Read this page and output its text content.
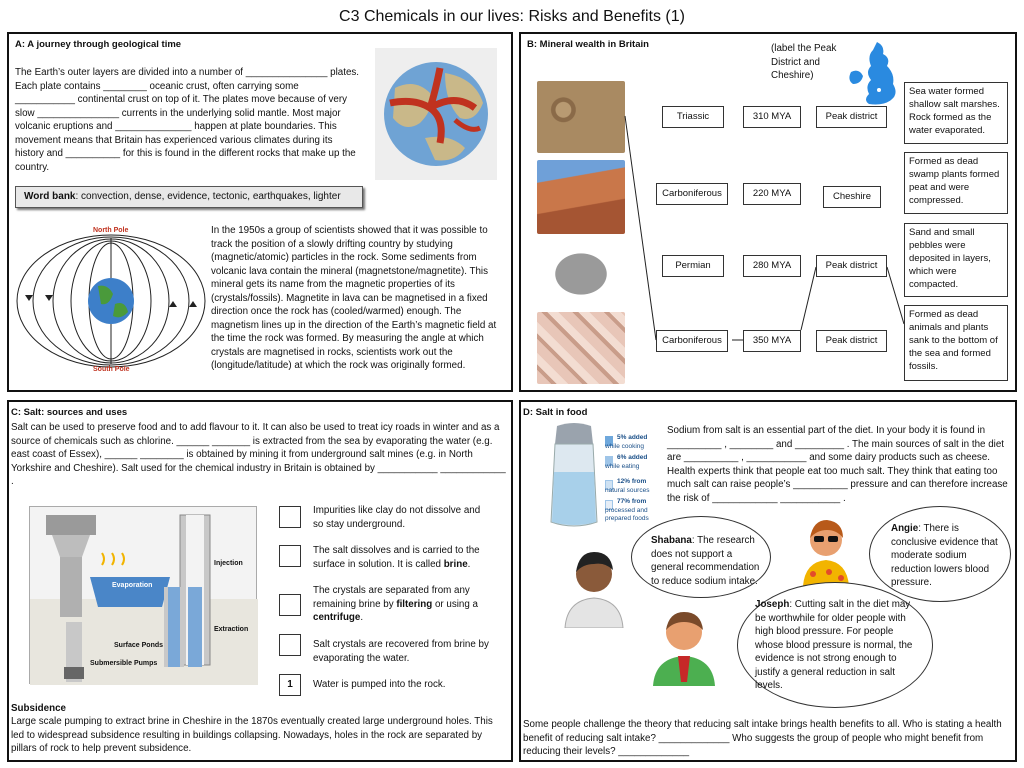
C3 Chemicals in our lives: Risks and Benefits (1)
A: A journey through geological time
The Earth’s outer layers are divided into a number of _______________ plates. Each plate contains ________ oceanic crust, often carrying some ___________ continental crust on top of it. The plates move because of very slow _______________ currents in the underlying solid mantle. Most major volcanic eruptions and ______________ happen at plate boundaries. This movement means that Britain has experienced various climates during its history and __________ for this is found in the different rocks that make up the country.
Word bank: convection, dense, evidence, tectonic, earthquakes, lighter
North Pole
South Pole
In the 1950s a group of scientists showed that it was possible to track the position of a slowly drifting country by studying (magnetic/atomic) particles in the rock. Some sediments from volcanic lava contain the mineral (magnetstone/magnetite). This mineral gets its name from the magnetic properties of its (crystals/fossils). Magnetite in lava can be magnetised in a fixed direction once the rock has (cooled/warmed) enough. The magnetism lines up in the direction of the Earth’s magnetic field at the time the rock was formed. By measuring the angle at which crystals are magnetised in rocks, scientists work out the (longitude/latitude) at which the rock was originally formed.
B: Mineral wealth in Britain	(label the Peak District and Cheshire)
Triassic
Carboniferous
Permian
Carboniferous
310 MYA
220 MYA
280 MYA
350 MYA
Peak district
Cheshire
Peak district
Peak district
Sea water formed shallow salt marshes. Rock formed as the water evaporated.
Formed as dead swamp plants formed peat and were compressed.
Sand and small pebbles were deposited in layers, which were compacted.
Formed as dead animals and plants sank to the bottom of the sea and formed fossils.
C: Salt: sources and uses
Salt can be used to preserve food and to add flavour to it. It can also be used to treat icy roads in winter and as a source of chemicals such as chlorine. ______ _______ is extracted from the sea by evaporating the water (e.g. east coast of Essex), ______ ________ is obtained by mining it from underground salt mines (e.g. in North Yorkshire and Cheshire). Salt used for the chemical industry in Britain is obtained by ___________ ____________ .
Injection
Evaporation
Extraction
Surface Ponds
Submersible Pumps
Impurities like clay do not dissolve and so stay underground.
The salt dissolves and is carried to the surface in solution. It is called brine.
The crystals are separated from any remaining brine by filtering or using a centrifuge.
Salt crystals are recovered from brine by evaporating the water.
1	Water is pumped into the rock.
Subsidence
Large scale pumping to extract brine in Cheshire in the 1870s eventually created large underground holes. This led to widespread subsidence resulting in buildings collapsing. Nowadays, holes in the rock are separated by pillars of rock to help prevent subsidence.
D: Salt in food
5% added
while cooking
6% added
while eating
12% from
natural sources
77% from
processed and prepared foods
Sodium from salt is an essential part of the diet. In your body it is found in __________ , ________ and _________ . The main sources of salt in the diet are __________ , ___________ and some dairy products such as cheese. Health experts think that people eat too much salt. They think that eating too much salt can raise people’s __________ pressure and can therefore increase the risk of ____________ ___________ .
Shabana: The research does not support a general recommendation to reduce sodium intake.
Angie: There is conclusive evidence that moderate sodium reduction lowers blood pressure.
Joseph: Cutting salt in the diet may be worthwhile for older people with high blood pressure. For people whose blood pressure is normal, the evidence is not strong enough to justify a general reduction in salt levels.
Some people challenge the theory that reducing salt intake brings health benefits to all. Who is stating a health benefit of reducing salt intake? _____________ Who suggests the group of people who might benefit from reducing their levels? _____________
